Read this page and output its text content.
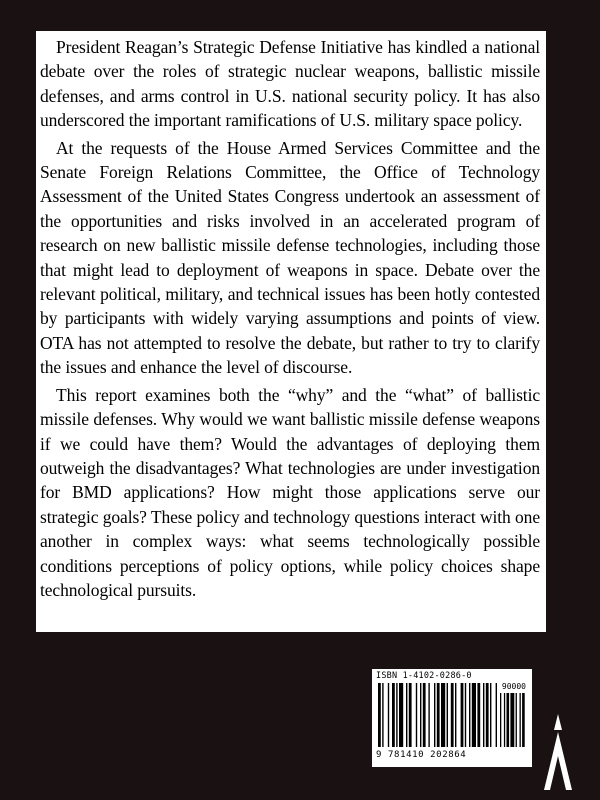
President Reagan’s Strategic Defense Initiative has kindled a national debate over the roles of strategic nuclear weapons, ballistic missile defenses, and arms control in U.S. national security policy. It has also underscored the important ramifications of U.S. military space policy.

At the requests of the House Armed Services Committee and the Senate Foreign Relations Committee, the Office of Technology Assessment of the United States Congress undertook an assessment of the opportunities and risks involved in an accelerated program of research on new ballistic missile defense technologies, including those that might lead to deployment of weapons in space. Debate over the relevant political, military, and technical issues has been hotly contested by participants with widely varying assumptions and points of view. OTA has not attempted to resolve the debate, but rather to try to clarify the issues and enhance the level of discourse.

This report examines both the “why” and the “what” of ballistic missile defenses. Why would we want ballistic missile defense weapons if we could have them? Would the advantages of deploying them outweigh the disadvantages? What technologies are under investigation for BMD applications? How might those applications serve our strategic goals? These policy and technology questions interact with one another in complex ways: what seems technologically possible conditions perceptions of policy options, while policy choices shape technological pursuits.

ISBN 1-4102-0286-0
90000
9 781410 202864
